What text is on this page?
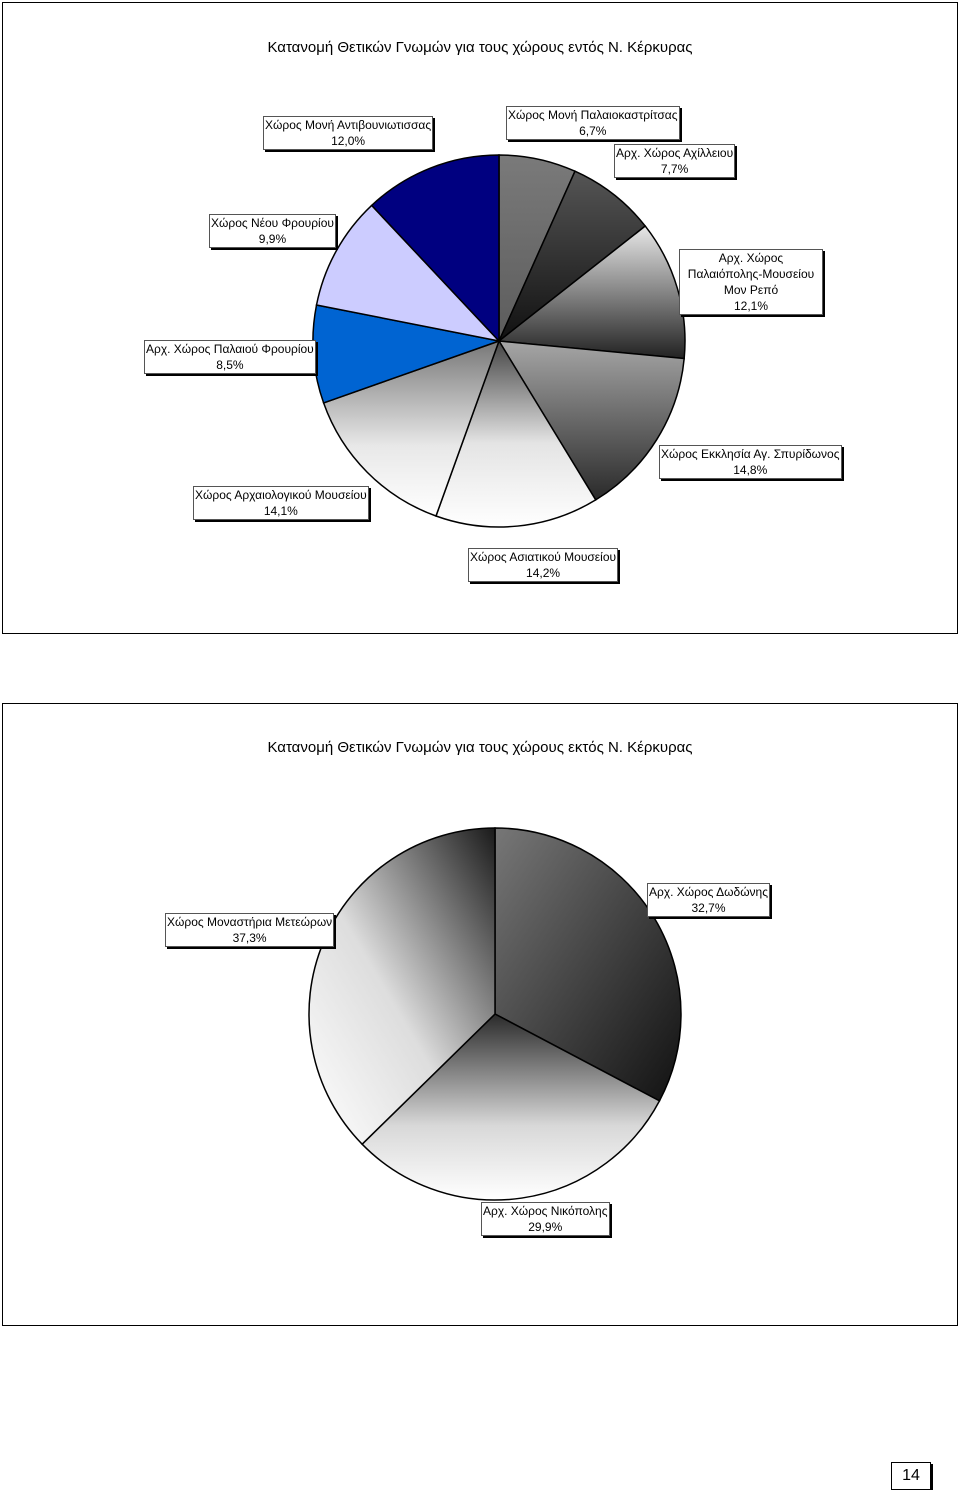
Κατανομή Θετικών Γνωμών για τους χώρους εντός Ν. Κέρκυρας
Χώρος Μονή Παλαιοκαστρίτσας
6,7%
Αρχ. Χώρος Αχίλλειου
7,7%
Αρχ. Χώρος Παλαιόπολης-Μουσείου Μον Ρεπό
12,1%
Χώρος Εκκλησία Αγ. Σπυρίδωνος
14,8%
Χώρος Ασιατικού Μουσείου
14,2%
Χώρος Αρχαιολογικού Μουσείου
14,1%
Αρχ. Χώρος Παλαιού Φρουρίου
8,5%
Χώρος Νέου Φρουρίου
9,9%
Χώρος Μονή Αντιβουνιωτισσας
12,0%
Κατανομή Θετικών Γνωμών για τους χώρους εκτός Ν. Κέρκυρας
Αρχ. Χώρος Δωδώνης
32,7%
Αρχ. Χώρος Νικόπολης
29,9%
Χώρος Μοναστήρια Μετεώρων
37,3%
14
